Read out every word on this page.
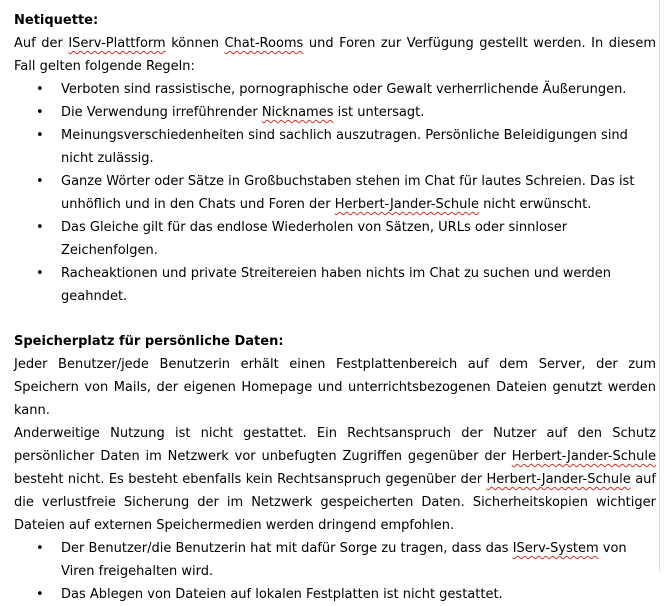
Netiquette:

Auf der IServ-Plattform können Chat-Rooms und Foren zur Verfügung gestellt werden. In diesem Fall gelten folgende Regeln:

• Verboten sind rassistische, pornographische oder Gewalt verherrlichende Äußerungen.
• Die Verwendung irreführender Nicknames ist untersagt.
• Meinungsverschiedenheiten sind sachlich auszutragen. Persönliche Beleidigungen sind nicht zulässig.
• Ganze Wörter oder Sätze in Großbuchstaben stehen im Chat für lautes Schreien. Das ist unhöflich und in den Chats und Foren der Herbert-Jander-Schule nicht erwünscht.
• Das Gleiche gilt für das endlose Wiederholen von Sätzen, URLs oder sinnloser Zeichenfolgen.
• Racheaktionen und private Streitereien haben nichts im Chat zu suchen und werden geahndet.

Speicherplatz für persönliche Daten:

Jeder Benutzer/jede Benutzerin erhält einen Festplattenbereich auf dem Server, der zum Speichern von Mails, der eigenen Homepage und unterrichtsbezogenen Dateien genutzt werden kann.

Anderweitige Nutzung ist nicht gestattet. Ein Rechtsanspruch der Nutzer auf den Schutz persönlicher Daten im Netzwerk vor unbefugten Zugriffen gegenüber der Herbert-Jander-Schule besteht nicht. Es besteht ebenfalls kein Rechtsanspruch gegenüber der Herbert-Jander-Schule auf die verlustfreie Sicherung der im Netzwerk gespeicherten Daten. Sicherheitskopien wichtiger Dateien auf externen Speichermedien werden dringend empfohlen.

• Der Benutzer/die Benutzerin hat mit dafür Sorge zu tragen, dass das IServ-System von Viren freigehalten wird.
• Das Ablegen von Dateien auf lokalen Festplatten ist nicht gestattet.
